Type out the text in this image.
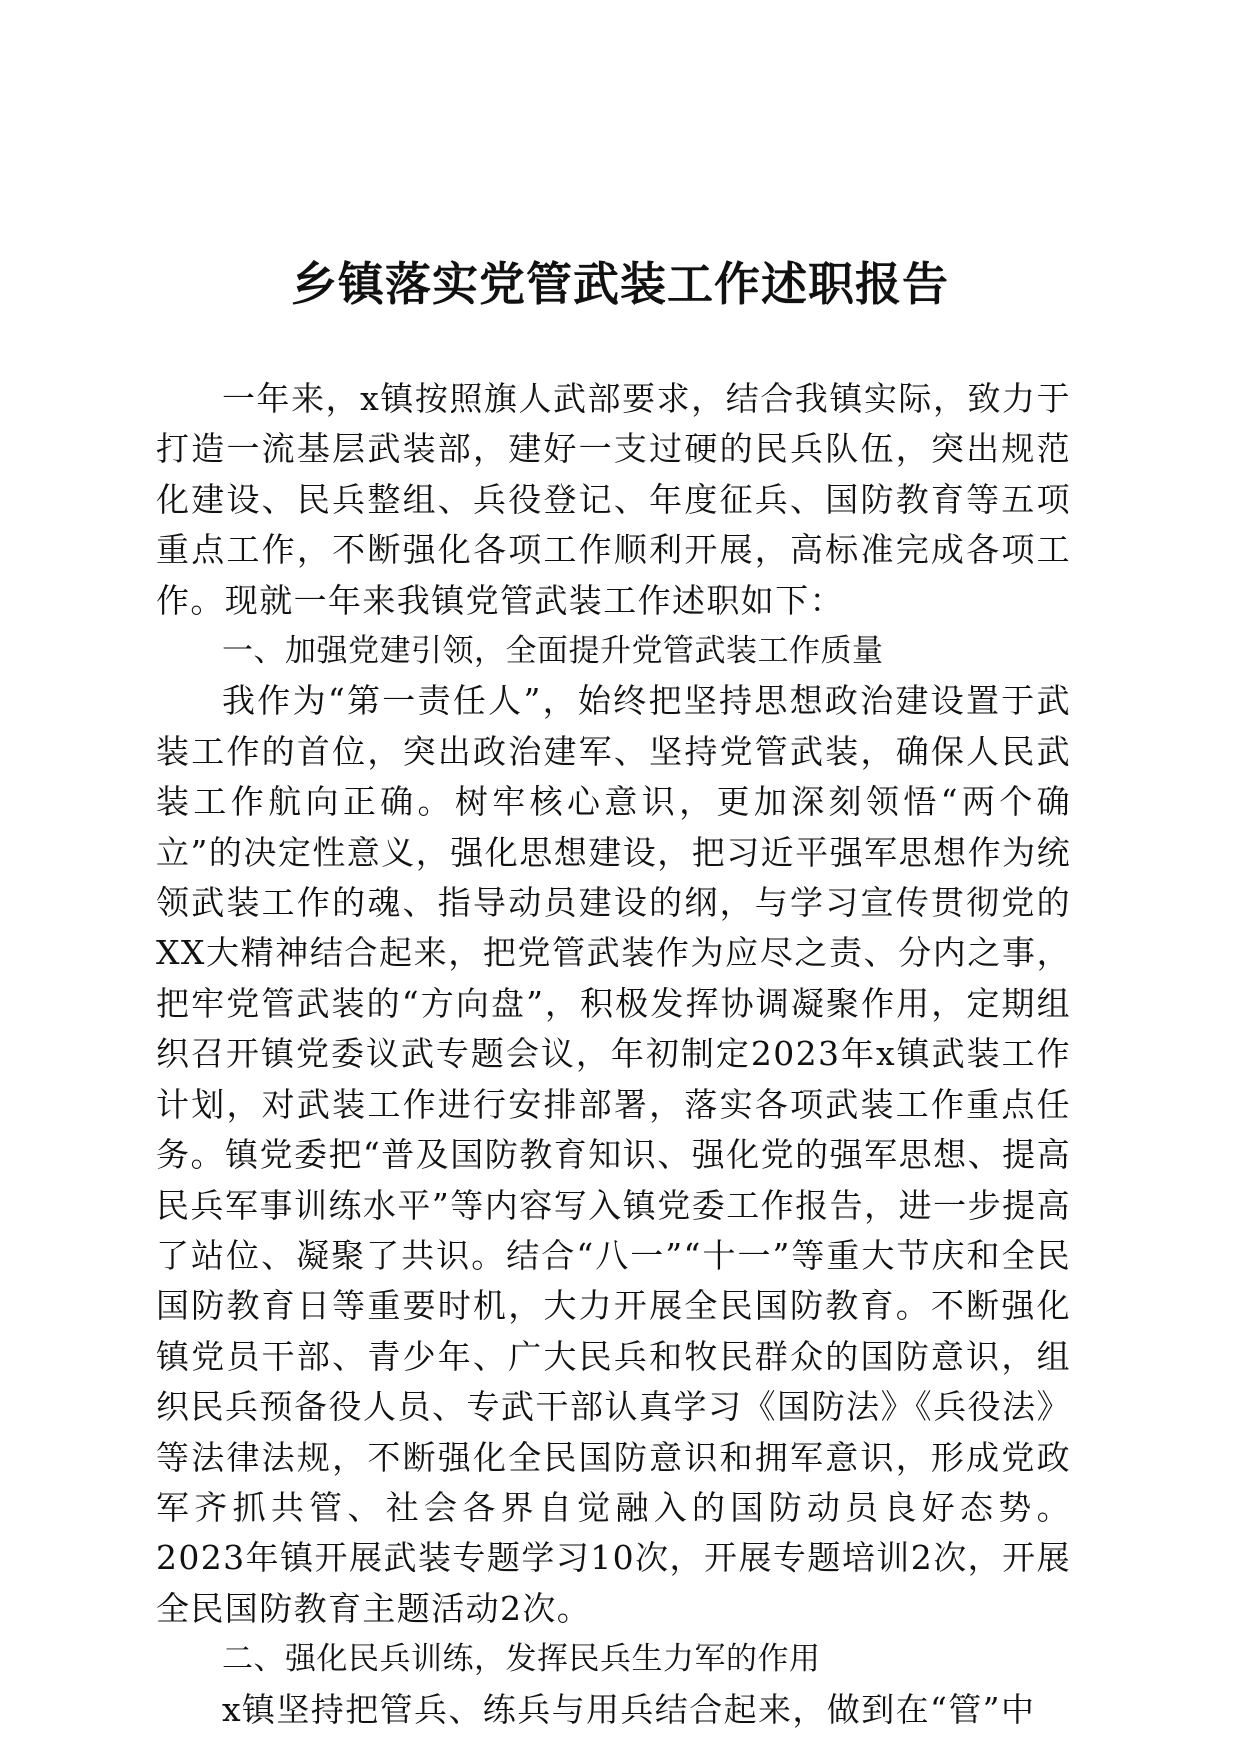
乡镇落实党管武装工作述职报告

一年来，x镇按照旗人武部要求，结合我镇实际，致力于打造一流基层武装部，建好一支过硬的民兵队伍，突出规范化建设、民兵整组、兵役登记、年度征兵、国防教育等五项重点工作，不断强化各项工作顺利开展，高标准完成各项工作。现就一年来我镇党管武装工作述职如下：

一、加强党建引领，全面提升党管武装工作质量

我作为“第一责任人”，始终把坚持思想政治建设置于武装工作的首位，突出政治建军、坚持党管武装，确保人民武装工作航向正确。树牢核心意识，更加深刻领悟“两个确立”的决定性意义，强化思想建设，把习近平强军思想作为统领武装工作的魂、指导动员建设的纲，与学习宣传贯彻党的XX大精神结合起来，把党管武装作为应尽之责、分内之事，把牢党管武装的“方向盘”，积极发挥协调凝聚作用，定期组织召开镇党委议武专题会议，年初制定2023年x镇武装工作计划，对武装工作进行安排部署，落实各项武装工作重点任务。镇党委把“普及国防教育知识、强化党的强军思想、提高民兵军事训练水平”等内容写入镇党委工作报告，进一步提高了站位、凝聚了共识。结合“八一”“十一”等重大节庆和全民国防教育日等重要时机，大力开展全民国防教育。不断强化镇党员干部、青少年、广大民兵和牧民群众的国防意识，组织民兵预备役人员、专武干部认真学习《国防法》《兵役法》等法律法规，不断强化全民国防意识和拥军意识，形成党政军齐抓共管、社会各界自觉融入的国防动员良好态势。2023年镇开展武装专题学习10次，开展专题培训2次，开展全民国防教育主题活动2次。

二、强化民兵训练，发挥民兵生力军的作用

x镇坚持把管兵、练兵与用兵结合起来，做到在“管”中
